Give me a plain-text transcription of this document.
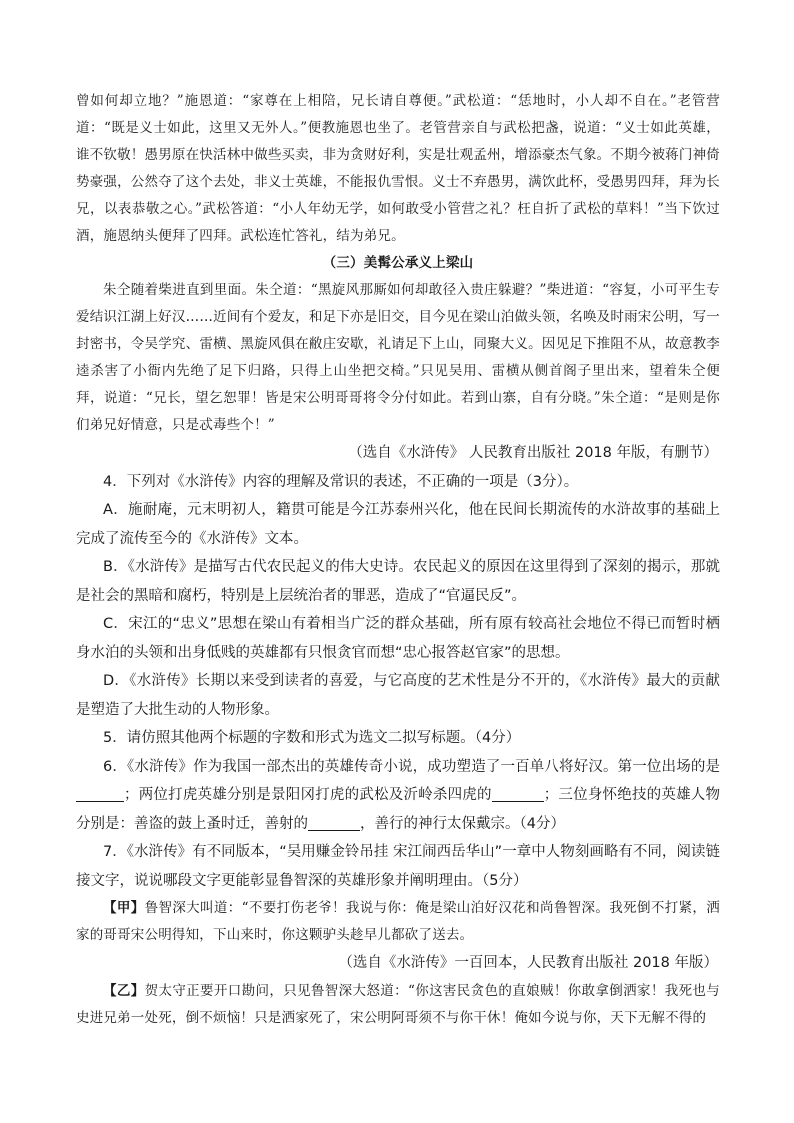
曾如何却立地？”施恩道：“家尊在上相陪，兄长请自尊便。”武松道：“恁地时，小人却不自在。”老管营道：“既是义士如此，这里又无外人。”便教施恩也坐了。老管营亲自与武松把盏，说道：“义士如此英雄，谁不钦敬！愚男原在快活林中做些买卖，非为贪财好利，实是壮观孟州，增添豪杰气象。不期今被蒋门神倚势豪强，公然夺了这个去处，非义士英雄，不能报仇雪恨。义士不弃愚男，满饮此杯，受愚男四拜，拜为长兄，以表恭敬之心。”武松答道：“小人年幼无学，如何敢受小管营之礼？枉自折了武松的草料！”当下饮过酒，施恩纳头便拜了四拜。武松连忙答礼，结为弟兄。

（三）美髯公承义上梁山

朱仝随着柴进直到里面。朱仝道：“黑旋风那厮如何却敢径入贵庄躲避？”柴进道：“容复，小可平生专爱结识江湖上好汉……近间有个爱友，和足下亦是旧交，目今见在梁山泊做头领，名唤及时雨宋公明，写一封密书，令吴学究、雷横、黑旋风俱在敝庄安歇，礼请足下上山，同聚大义。因见足下推阻不从，故意教李逵杀害了小衙内先绝了足下归路，只得上山坐把交椅。”只见吴用、雷横从侧首阁子里出来，望着朱仝便拜，说道：“兄长，望乞恕罪！皆是宋公明哥哥将令分付如此。若到山寨，自有分晓。”朱仝道：“是则是你们弟兄好情意，只是忒毒些个！”

（选自《水浒传》 人民教育出版社 2018 年版，有删节）

4．下列对《水浒传》内容的理解及常识的表述，不正确的一项是（3分）。

A．施耐庵，元末明初人，籍贯可能是今江苏泰州兴化，他在民间长期流传的水浒故事的基础上完成了流传至今的《水浒传》文本。

B．《水浒传》是描写古代农民起义的伟大史诗。农民起义的原因在这里得到了深刻的揭示，那就是社会的黑暗和腐朽，特别是上层统治者的罪恶，造成了“官逼民反”。

C．宋江的“忠义”思想在梁山有着相当广泛的群众基础，所有原有较高社会地位不得已而暂时栖身水泊的头领和出身低贱的英雄都有只恨贪官而想“忠心报答赵官家”的思想。

D．《水浒传》长期以来受到读者的喜爱，与它高度的艺术性是分不开的，《水浒传》最大的贡献是塑造了大批生动的人物形象。

5．请仿照其他两个标题的字数和形式为选文二拟写标题。（4分）

6．《水浒传》作为我国一部杰出的英雄传奇小说，成功塑造了一百单八将好汉。第一位出场的是；两位打虎英雄分别是景阳冈打虎的武松及沂岭杀四虎的	；三位身怀绝技的英雄人物分别是：善盗的鼓上蚤时迁，善射的	，善行的神行太保戴宗。（4分）

7．《水浒传》有不同版本，“吴用赚金铃吊挂 宋江闹西岳华山”一章中人物刻画略有不同，阅读链接文字，说说哪段文字更能彰显鲁智深的英雄形象并阐明理由。（5分）

【甲】鲁智深大叫道：“不要打伤老爷！我说与你：俺是梁山泊好汉花和尚鲁智深。我死倒不打紧，洒家的哥哥宋公明得知，下山来时，你这颗驴头趁早儿都砍了送去。

（选自《水浒传》一百回本，人民教育出版社 2018 年版）

【乙】贺太守正要开口勘问，只见鲁智深大怒道：“你这害民贪色的直娘贼！你敢拿倒洒家！我死也与史进兄弟一处死，倒不烦恼！只是洒家死了，宋公明阿哥须不与你干休！俺如今说与你，天下无解不得的
